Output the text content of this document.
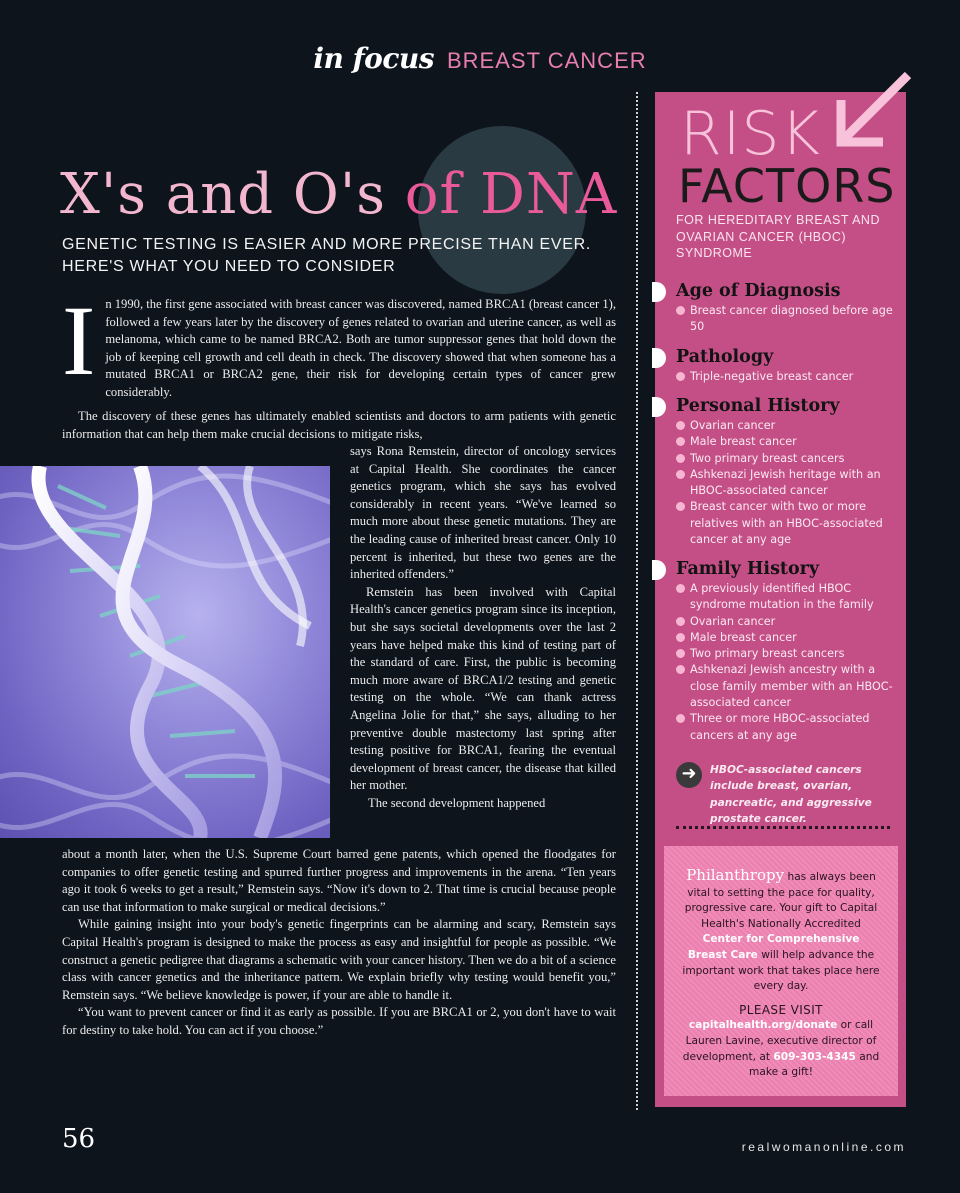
in focus BREAST CANCER
X's and O's of DNA
GENETIC TESTING IS EASIER AND MORE PRECISE THAN EVER. HERE'S WHAT YOU NEED TO CONSIDER
I n 1990, the first gene associated with breast cancer was discovered, named BRCA1 (breast cancer 1), followed a few years later by the discovery of genes related to ovarian and uterine cancer, as well as melanoma, which came to be named BRCA2. Both are tumor suppressor genes that hold down the job of keeping cell growth and cell death in check. The discovery showed that when someone has a mutated BRCA1 or BRCA2 gene, their risk for developing certain types of cancer grew considerably.
The discovery of these genes has ultimately enabled scientists and doctors to arm patients with genetic information that can help them make crucial decisions to mitigate risks,
says Rona Remstein, director of oncology services at Capital Health. She coordinates the cancer genetics program, which she says has evolved considerably in recent years. “We've learned so much more about these genetic mutations. They are the leading cause of inherited breast cancer. Only 10 percent is inherited, but these two genes are the inherited offenders.”
Remstein has been involved with Capital Health's cancer genetics program since its inception, but she says societal developments over the last 2 years have helped make this kind of testing part of the standard of care. First, the public is becoming much more aware of BRCA1/2 testing and genetic testing on the whole. “We can thank actress Angelina Jolie for that,” she says, alluding to her preventive double mastectomy last spring after testing positive for BRCA1, fearing the eventual development of breast cancer, the disease that killed her mother.
The second development happened
about a month later, when the U.S. Supreme Court barred gene patents, which opened the floodgates for companies to offer genetic testing and spurred further progress and improvements in the arena. “Ten years ago it took 6 weeks to get a result,” Remstein says. “Now it's down to 2. That time is crucial because people can use that information to make surgical or medical decisions.”
While gaining insight into your body's genetic fingerprints can be alarming and scary, Remstein says Capital Health's program is designed to make the process as easy and insightful for people as possible. “We construct a genetic pedigree that diagrams a schematic with your cancer history. Then we do a bit of a science class with cancer genetics and the inheritance pattern. We explain briefly why testing would benefit you,” Remstein says. “We believe knowledge is power, if your are able to handle it.
“You want to prevent cancer or find it as early as possible. If you are BRCA1 or 2, you don't have to wait for destiny to take hold. You can act if you choose.”
RISK
FACTORS
FOR HEREDITARY BREAST AND OVARIAN CANCER (HBOC) SYNDROME
Age of Diagnosis
Breast cancer diagnosed before age 50
Pathology
Triple-negative breast cancer
Personal History
Ovarian cancer
Male breast cancer
Two primary breast cancers
Ashkenazi Jewish heritage with an HBOC-associated cancer
Breast cancer with two or more relatives with an HBOC-associated cancer at any age
Family History
A previously identified HBOC syndrome mutation in the family
Ovarian cancer
Male breast cancer
Two primary breast cancers
Ashkenazi Jewish ancestry with a close family member with an HBOC-associated cancer
Three or more HBOC-associated cancers at any age
➜	HBOC-associated cancers include breast, ovarian, pancreatic, and aggressive prostate cancer.
Philanthropy has always been vital to setting the pace for quality, progressive care. Your gift to Capital Health's Nationally Accredited Center for Comprehensive Breast Care will help advance the important work that takes place here every day.
PLEASE VISIT
capitalhealth.org/donate or call Lauren Lavine, executive director of development, at 609-303-4345 and make a gift!
56	realwomanonline.com
